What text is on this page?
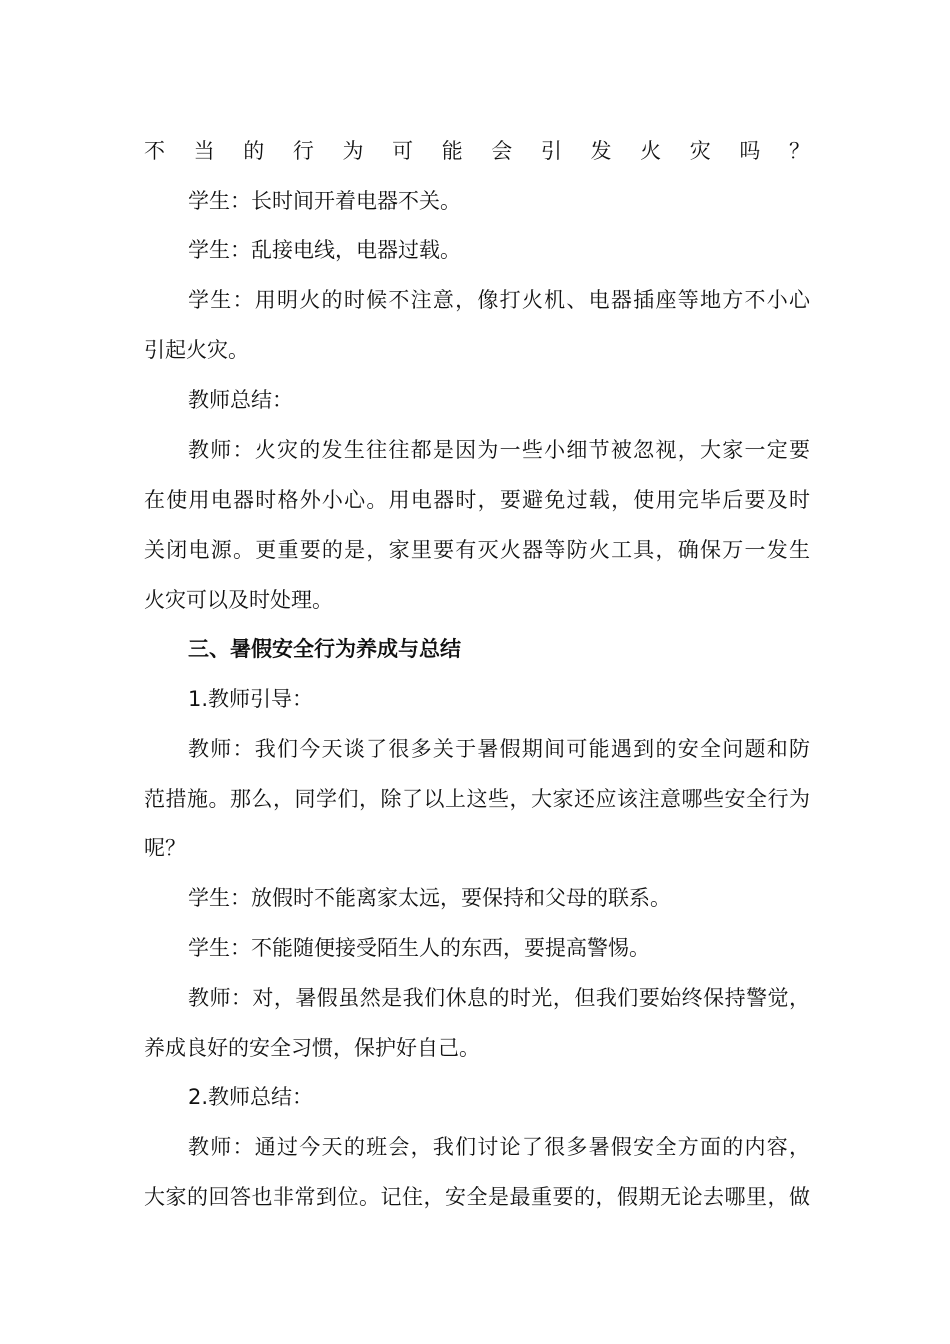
不当的行为可能会引发火灾吗？
学生：长时间开着电器不关。
学生：乱接电线，电器过载。
学生：用明火的时候不注意，像打火机、电器插座等地方不小心
引起火灾。
教师总结：
教师：火灾的发生往往都是因为一些小细节被忽视，大家一定要
在使用电器时格外小心。用电器时，要避免过载，使用完毕后要及时
关闭电源。更重要的是，家里要有灭火器等防火工具，确保万一发生
火灾可以及时处理。
三、暑假安全行为养成与总结
1.教师引导：
教师：我们今天谈了很多关于暑假期间可能遇到的安全问题和防
范措施。那么，同学们，除了以上这些，大家还应该注意哪些安全行为
呢？
学生：放假时不能离家太远，要保持和父母的联系。
学生：不能随便接受陌生人的东西，要提高警惕。
教师：对，暑假虽然是我们休息的时光，但我们要始终保持警觉，
养成良好的安全习惯，保护好自己。
2.教师总结：
教师：通过今天的班会，我们讨论了很多暑假安全方面的内容，
大家的回答也非常到位。记住，安全是最重要的，假期无论去哪里，做
